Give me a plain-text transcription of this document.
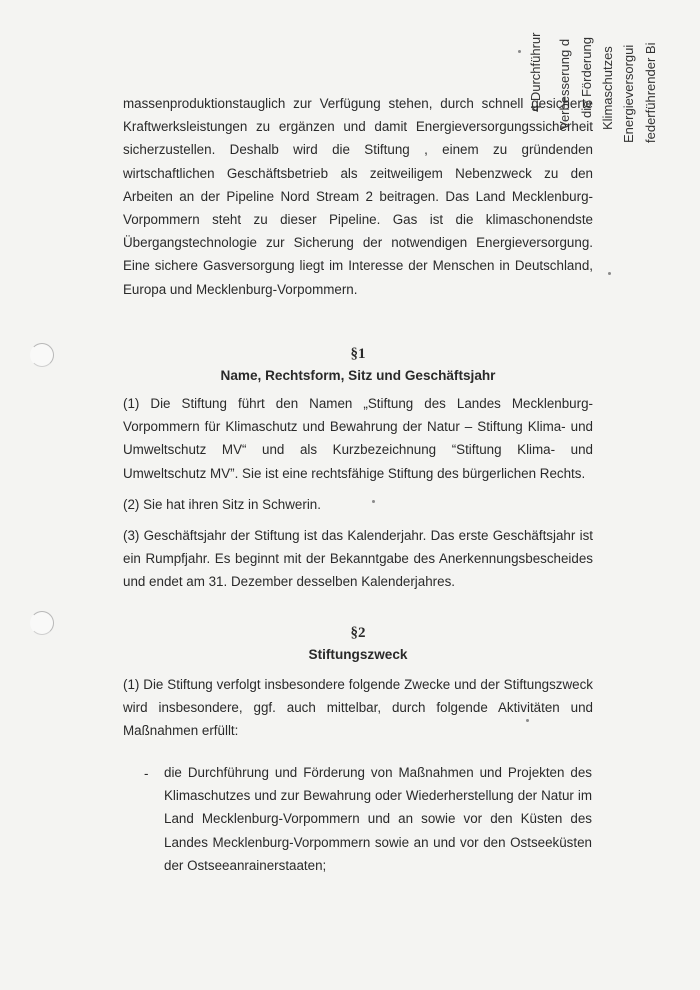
4 Durchführur Verbesserung d die Förderung Klimaschutzes Energieversorgui federführender Bi

massenproduktionstauglich zur Verfügung stehen, durch schnell gesicherte Kraftwerksleistungen zu ergänzen und damit Energieversorgungssicherheit sicherzustellen. Deshalb wird die Stiftung , einem zu gründenden wirtschaftlichen Geschäftsbetrieb als zeitweiligem Nebenzweck zu den Arbeiten an der Pipeline Nord Stream 2 beitragen. Das Land Mecklenburg-Vorpommern steht zu dieser Pipeline. Gas ist die klimaschonendste Übergangstechnologie zur Sicherung der notwendigen Energieversorgung. Eine sichere Gasversorgung liegt im Interesse der Menschen in Deutschland, Europa und Mecklenburg-Vorpommern.

§1
Name, Rechtsform, Sitz und Geschäftsjahr

(1) Die Stiftung führt den Namen „Stiftung des Landes Mecklenburg-Vorpommern für Klimaschutz und Bewahrung der Natur – Stiftung Klima- und Umweltschutz MV“ und als Kurzbezeichnung “Stiftung Klima- und Umweltschutz MV”. Sie ist eine rechtsfähige Stiftung des bürgerlichen Rechts.

(2) Sie hat ihren Sitz in Schwerin.

(3) Geschäftsjahr der Stiftung ist das Kalenderjahr. Das erste Geschäftsjahr ist ein Rumpfjahr. Es beginnt mit der Bekanntgabe des Anerkennungsbescheides und endet am 31. Dezember desselben Kalenderjahres.

§2
Stiftungszweck

(1) Die Stiftung verfolgt insbesondere folgende Zwecke und der Stiftungszweck wird insbesondere, ggf. auch mittelbar, durch folgende Aktivitäten und Maßnahmen erfüllt:

- die Durchführung und Förderung von Maßnahmen und Projekten des Klimaschutzes und zur Bewahrung oder Wiederherstellung der Natur im Land Mecklenburg-Vorpommern und an sowie vor den Küsten des Landes Mecklenburg-Vorpommern sowie an und vor den Ostseeküsten der Ostseeanrainerstaaten;
